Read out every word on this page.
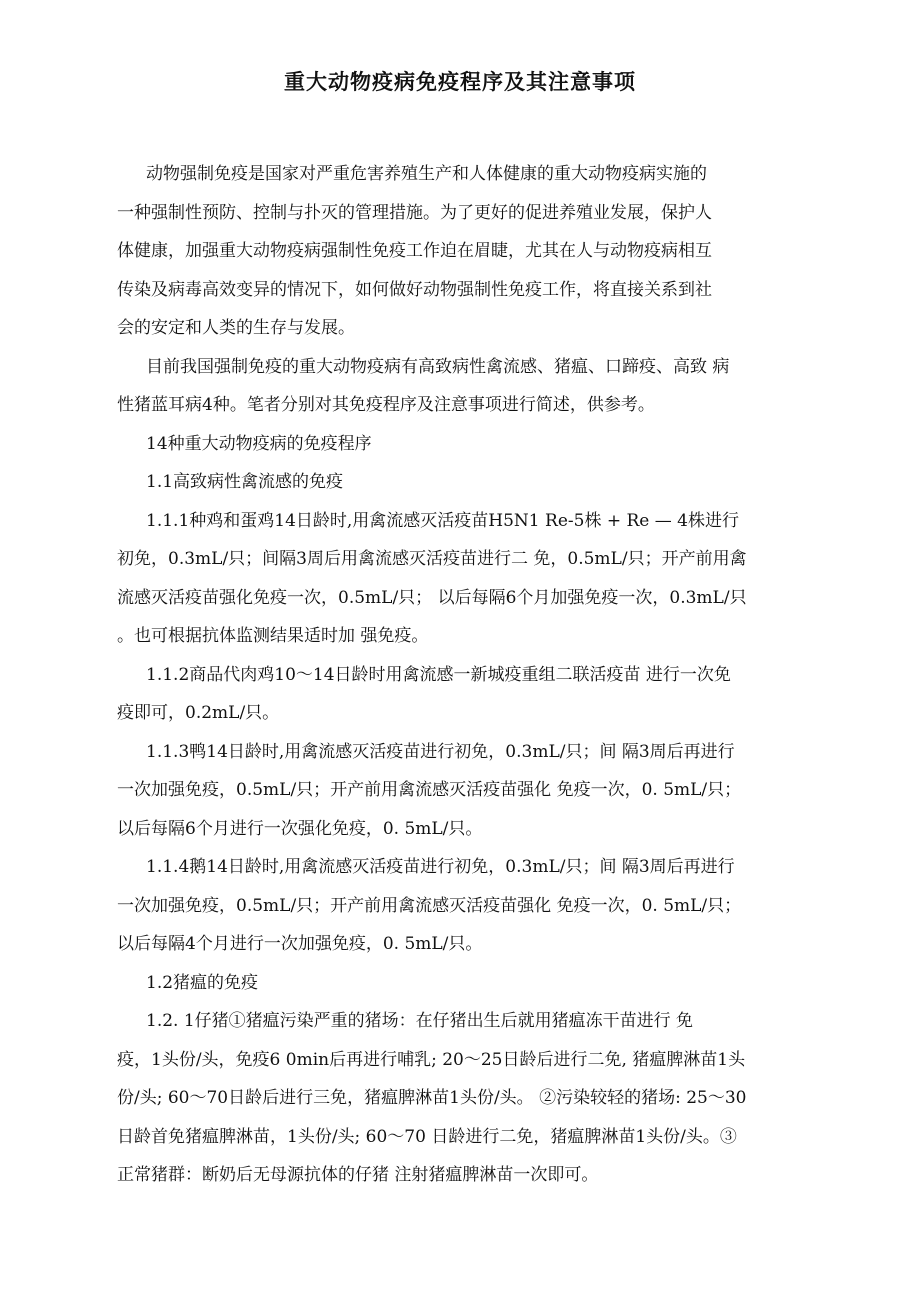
重大动物疫病免疫程序及其注意事项

动物强制免疫是国家对严重危害养殖生产和人体健康的重大动物疫病实施的
一种强制性预防、控制与扑灭的管理措施。为了更好的促进养殖业发展，保护人
体健康，加强重大动物疫病强制性免疫工作迫在眉睫，尤其在人与动物疫病相互
传染及病毒高效变异的情况下，如何做好动物强制性免疫工作，将直接关系到社
会的安定和人类的生存与发展。

目前我国强制免疫的重大动物疫病有高致病性禽流感、猪瘟、口蹄疫、高致 病
性猪蓝耳病4种。笔者分别对其免疫程序及注意事项进行简述，供参考。

14种重大动物疫病的免疫程序

1.1高致病性禽流感的免疫

1.1.1种鸡和蛋鸡14日龄时,用禽流感灭活疫苗H5N1 Re-5株 + Re — 4株进行
初免，0.3mL/只；间隔3周后用禽流感灭活疫苗进行二 免，0.5mL/只；开产前用禽
流感灭活疫苗强化免疫一次，0.5mL/只； 以后每隔6个月加强免疫一次，0.3mL/只
。也可根据抗体监测结果适时加 强免疫。

1.1.2商品代肉鸡10〜14日龄时用禽流感一新城疫重组二联活疫苗 进行一次免
疫即可，0.2mL/只。

1.1.3鸭14日龄时,用禽流感灭活疫苗进行初免，0.3mL/只；间 隔3周后再进行
一次加强免疫，0.5mL/只；开产前用禽流感灭活疫苗强化 免疫一次，0. 5mL/只；
以后每隔6个月进行一次强化免疫，0. 5mL/只。

1.1.4鹅14日龄时,用禽流感灭活疫苗进行初免，0.3mL/只；间 隔3周后再进行
一次加强免疫，0.5mL/只；开产前用禽流感灭活疫苗强化 免疫一次，0. 5mL/只；
以后每隔4个月进行一次加强免疫，0. 5mL/只。

1.2猪瘟的免疫

1.2. 1仔猪①猪瘟污染严重的猪场：在仔猪出生后就用猪瘟冻干苗进行 免
疫，1头份/头，免疫6 0min后再进行哺乳; 20〜25日龄后进行二免, 猪瘟脾淋苗1头
份/头; 60〜70日龄后进行三免，猪瘟脾淋苗1头份/头。 ②污染较轻的猪场: 25〜30
日龄首免猪瘟脾淋苗，1头份/头; 60〜70 日龄进行二免，猪瘟脾淋苗1头份/头。③
正常猪群：断奶后无母源抗体的仔猪 注射猪瘟脾淋苗一次即可。
